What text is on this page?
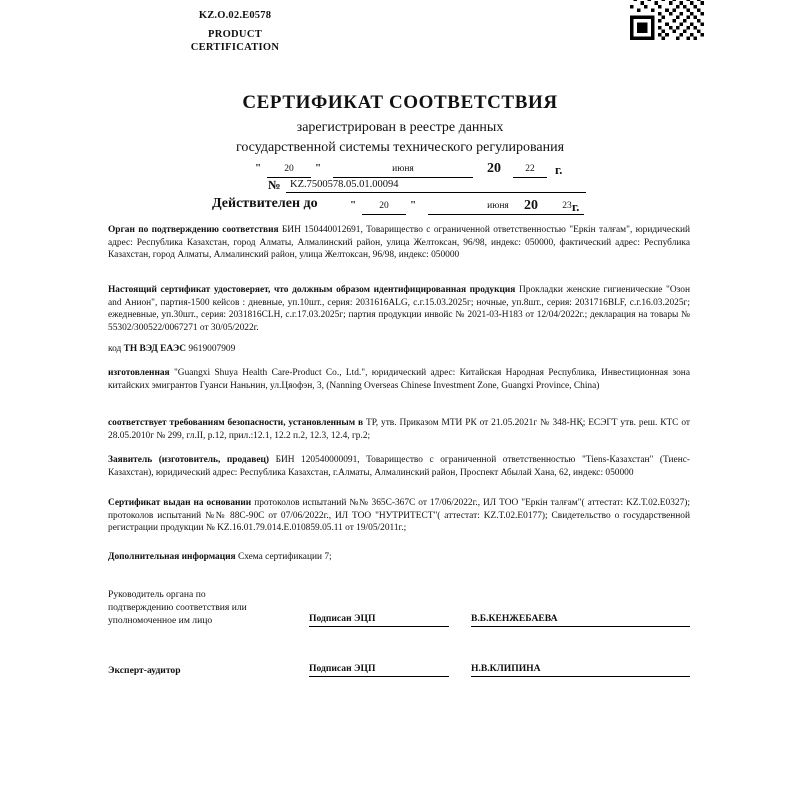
KZ.O.02.E0578
PRODUCT
CERTIFICATION
СЕРТИФИКАТ СООТВЕТСТВИЯ
зарегистрирован в реестре данных
государственной системы технического регулирования
"	20	"	июня	20	22	г.
№ KZ.7500578.05.01.00094
Действителен до	"	20	"	июня	20	23 г.
Орган по подтверждению соответствия БИН 150440012691, Товарищество с ограниченной ответственностью "Еркін талғам", юридический адрес: Республика Казахстан, город Алматы, Алмалинский район, улица Желтоксан, 96/98, индекс: 050000, фактический адрес: Республика Казахстан, город Алматы, Алмалинский район, улица Желтоксан, 96/98, индекс: 050000
Настоящий сертификат удостоверяет, что должным образом идентифицированная продукция Прокладки женские гигиенические "Озон and Анион", партия-1500 кейсов : дневные, уп.10шт., серия: 2031616ALG, с.г.15.03.2025г; ночные, уп.8шт., серия: 2031716BLF, с.г.16.03.2025г; ежедневные, уп.30шт., серия: 2031816CLH, с.г.17.03.2025г; партия продукции инвойс № 2021-03-H183 от 12/04/2022г.; декларация на товары № 55302/300522/0067271 от 30/05/2022г.
код ТН ВЭД ЕАЭС 9619007909
изготовленная "Guangxi Shuya Health Care-Product Co., Ltd.", юридический адрес: Китайская Народная Республика, Инвестиционная зона китайских эмигрантов Гуанси Наньнин, ул.Цяофэн, 3, (Nanning Overseas Chinese Investment Zone, Guangxi Province, China)
соответствует требованиям безопасности, установленным в ТР, утв. Приказом МТИ РК от 21.05.2021г № 348-НҚ; ЕСЭГТ утв. реш. КТС от 28.05.2010г № 299, гл.II, р.12, прил.:12.1, 12.2 п.2, 12.3, 12.4, гр.2;
Заявитель (изготовитель, продавец) БИН 120540000091, Товарищество с ограниченной ответственностью "Tiens-Казахстан" (Тиенс-Казахстан), юридический адрес: Республика Казахстан, г.Алматы, Алмалинский район, Проспект Абылай Хана, 62, индекс: 050000
Сертификат выдан на основании протоколов испытаний №№ 365С-367С от 17/06/2022г., ИЛ ТОО "Еркін талғам"( аттестат: KZ.Т.02.Е0327); протоколов испытаний №№ 88С-90С от 07/06/2022г., ИЛ ТОО "НУТРИТЕСТ"( аттестат: KZ.Т.02.Е0177); Свидетельство о государственной регистрации продукции № KZ.16.01.79.014.Е.010859.05.11 от 19/05/2011г.;
Дополнительная информация Схема сертификации 7;
Руководитель органа по
подтверждению соответствия или
уполномоченное им лицо	Подписан ЭЦП	В.Б.КЕНЖЕБАЕВА
Эксперт-аудитор	Подписан ЭЦП	Н.В.КЛИПИНА
